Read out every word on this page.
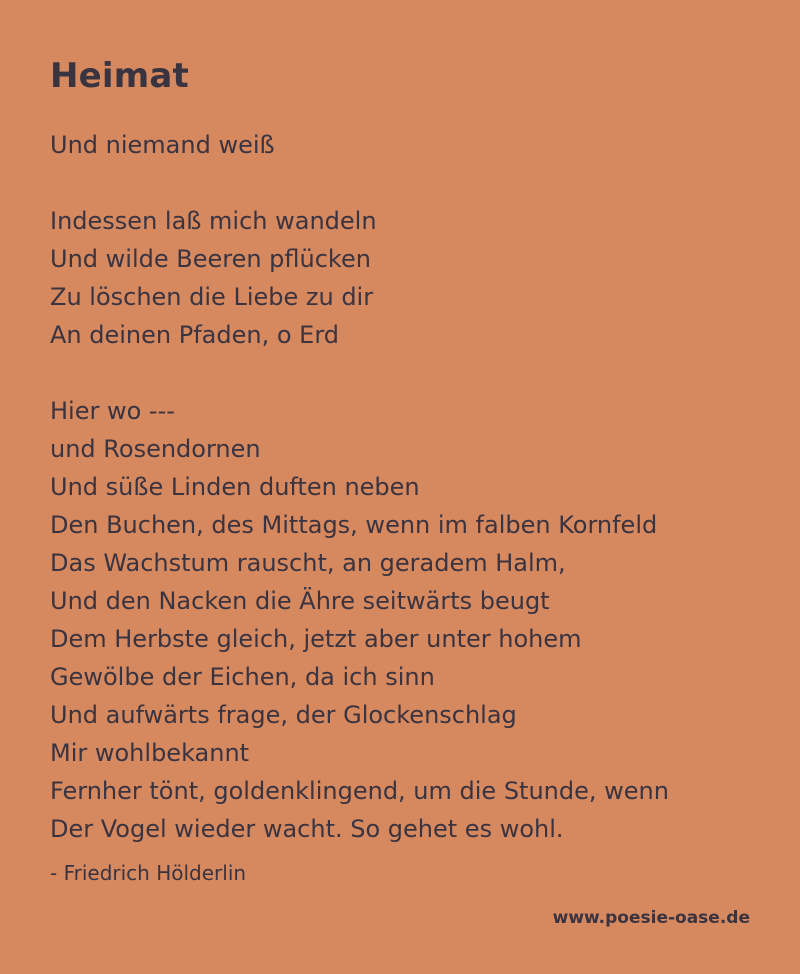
Heimat
Und niemand weiß
Indessen laß mich wandeln
Und wilde Beeren pflücken
Zu löschen die Liebe zu dir
An deinen Pfaden, o Erd
Hier wo ---
und Rosendornen
Und süße Linden duften neben
Den Buchen, des Mittags, wenn im falben Kornfeld
Das Wachstum rauscht, an geradem Halm,
Und den Nacken die Ähre seitwärts beugt
Dem Herbste gleich, jetzt aber unter hohem
Gewölbe der Eichen, da ich sinn
Und aufwärts frage, der Glockenschlag
Mir wohlbekannt
Fernher tönt, goldenklingend, um die Stunde, wenn
Der Vogel wieder wacht. So gehet es wohl.

- Friedrich Hölderlin

www.poesie-oase.de
